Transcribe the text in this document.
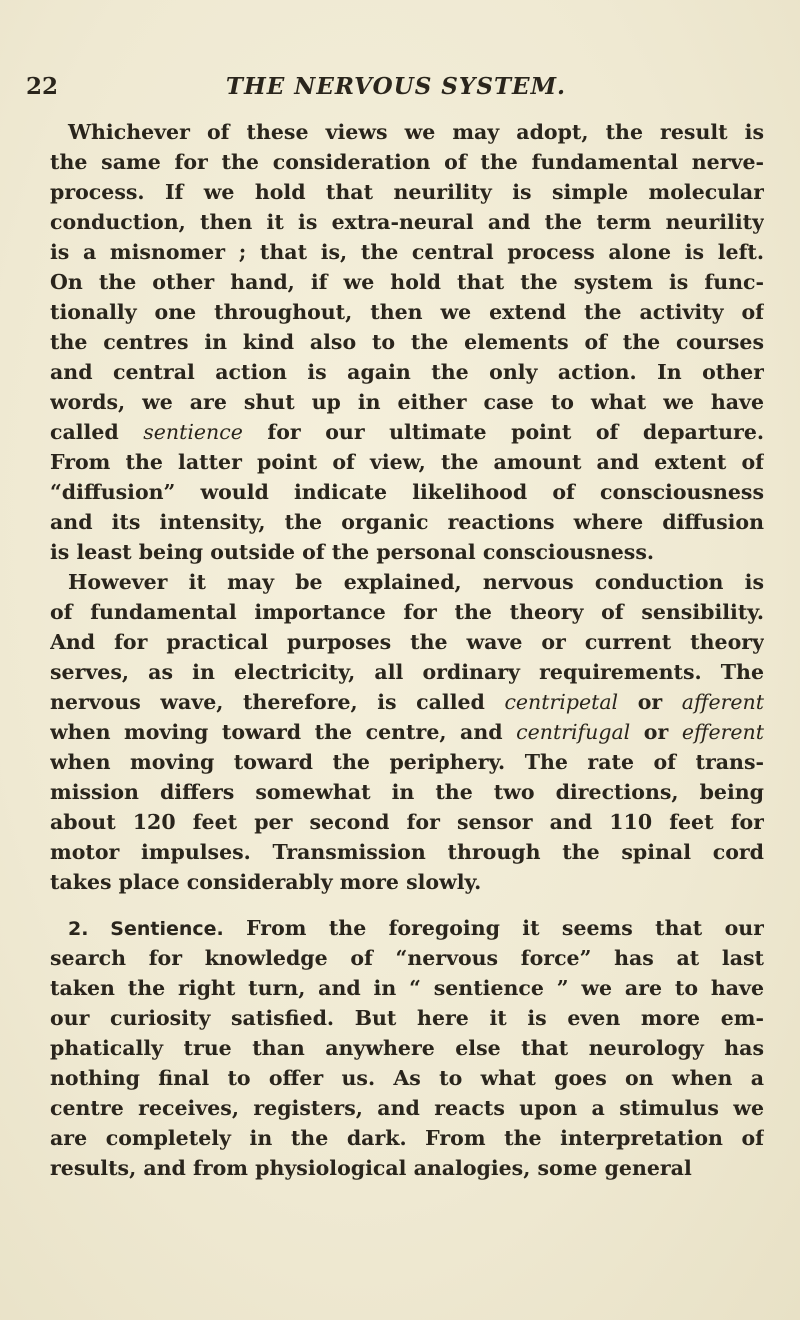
22	THE NERVOUS SYSTEM.
Whichever of these views we may adopt, the result is
the same for the consideration of the fundamental nerve-
process. If we hold that neurility is simple molecular
conduction, then it is extra-neural and the term neurility
is a misnomer ; that is, the central process alone is left.
On the other hand, if we hold that the system is func-
tionally one throughout, then we extend the activity of
the centres in kind also to the elements of the courses
and central action is again the only action. In other
words, we are shut up in either case to what we have
called sentience for our ultimate point of departure.
From the latter point of view, the amount and extent of
“diffusion” would indicate likelihood of consciousness
and its intensity, the organic reactions where diffusion
is least being outside of the personal consciousness.
However it may be explained, nervous conduction is
of fundamental importance for the theory of sensibility.
And for practical purposes the wave or current theory
serves, as in electricity, all ordinary requirements. The
nervous wave, therefore, is called centripetal or afferent
when moving toward the centre, and centrifugal or efferent
when moving toward the periphery. The rate of trans-
mission differs somewhat in the two directions, being
about 120 feet per second for sensor and 110 feet for
motor impulses. Transmission through the spinal cord
takes place considerably more slowly.
2. Sentience. From the foregoing it seems that our
search for knowledge of “nervous force” has at last
taken the right turn, and in “ sentience ” we are to have
our curiosity satisfied. But here it is even more em-
phatically true than anywhere else that neurology has
nothing final to offer us. As to what goes on when a
centre receives, registers, and reacts upon a stimulus we
are completely in the dark. From the interpretation of
results, and from physiological analogies, some general
